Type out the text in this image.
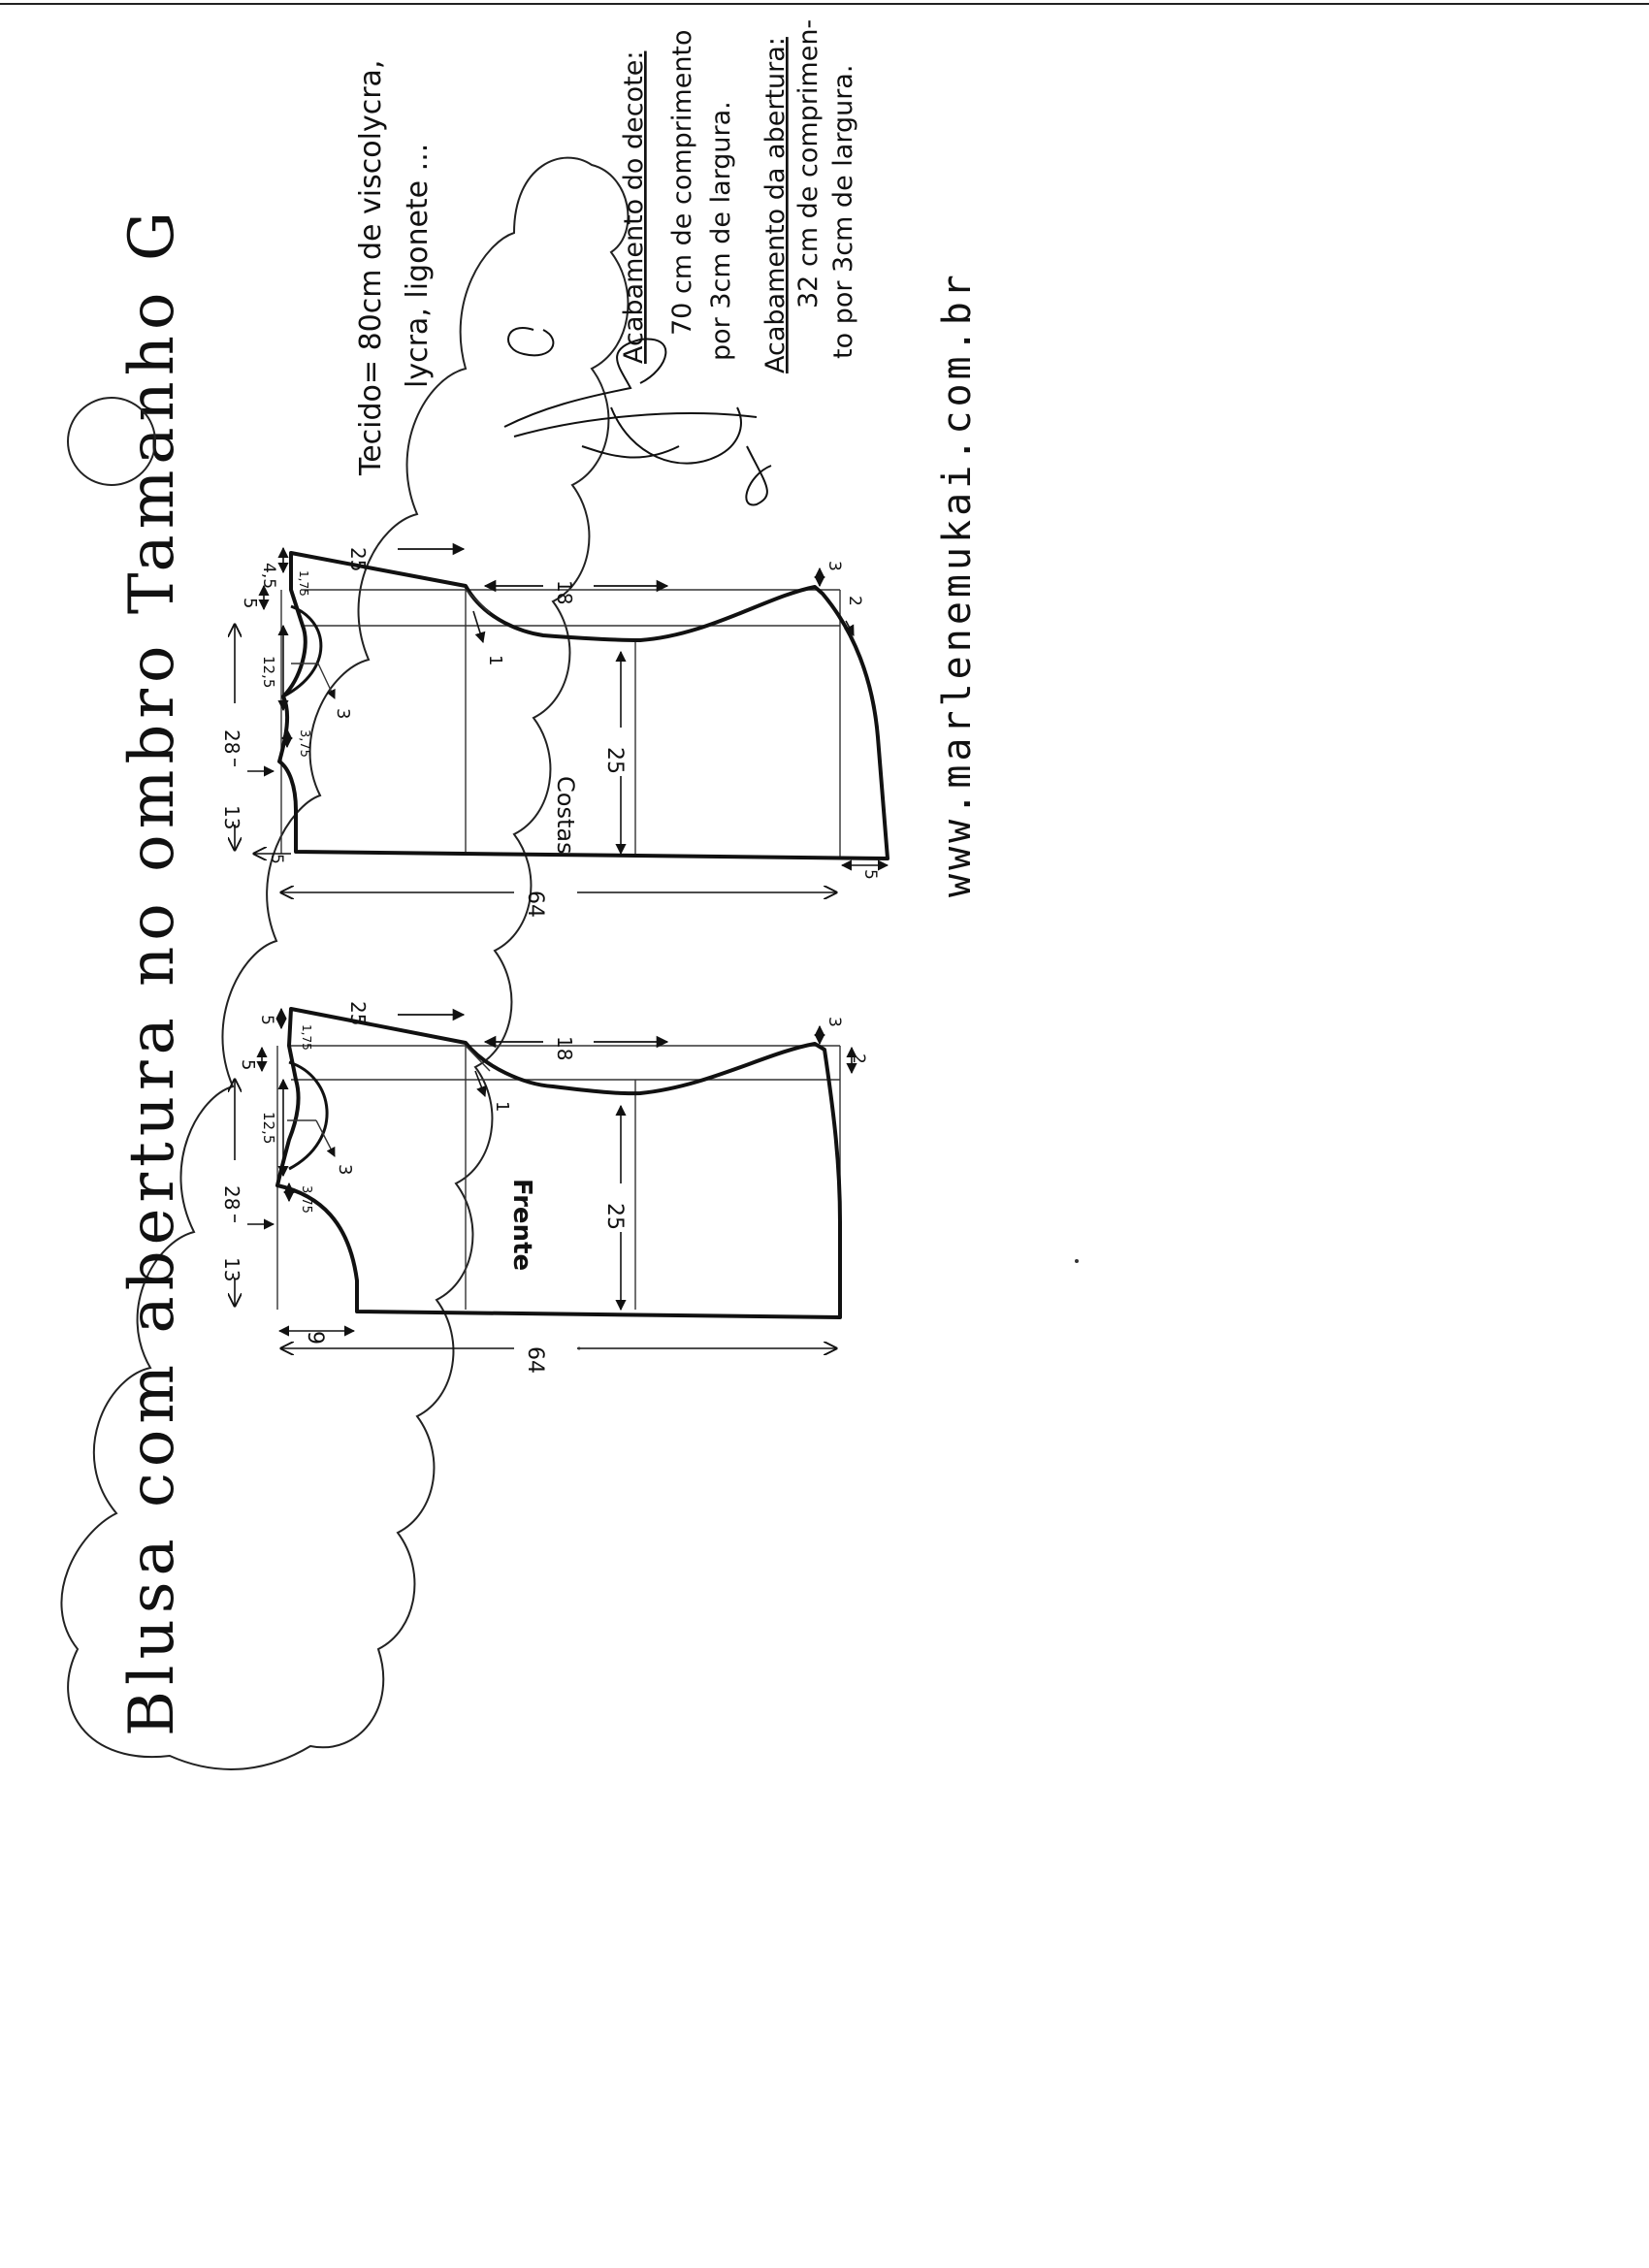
Blusa com abertura no ombro Tamanho G	Costas
4,5
25
1,75	18
1
5
12,5
3
3,75
28
13
5
64
25
3
2
5
Frente
5	25
1,75	18
1
5
12,5
3
3,75
28
13
9
64
25
3
2
Tecido= 80cm de viscolycra, lycra, ligonete ...	Acabamento do decote: 70 cm de comprimento por 3cm de largura. Acabamento da abertura: 32 cm de comprimen- to por 3cm de largura.
www.marlenemukai.com.br
